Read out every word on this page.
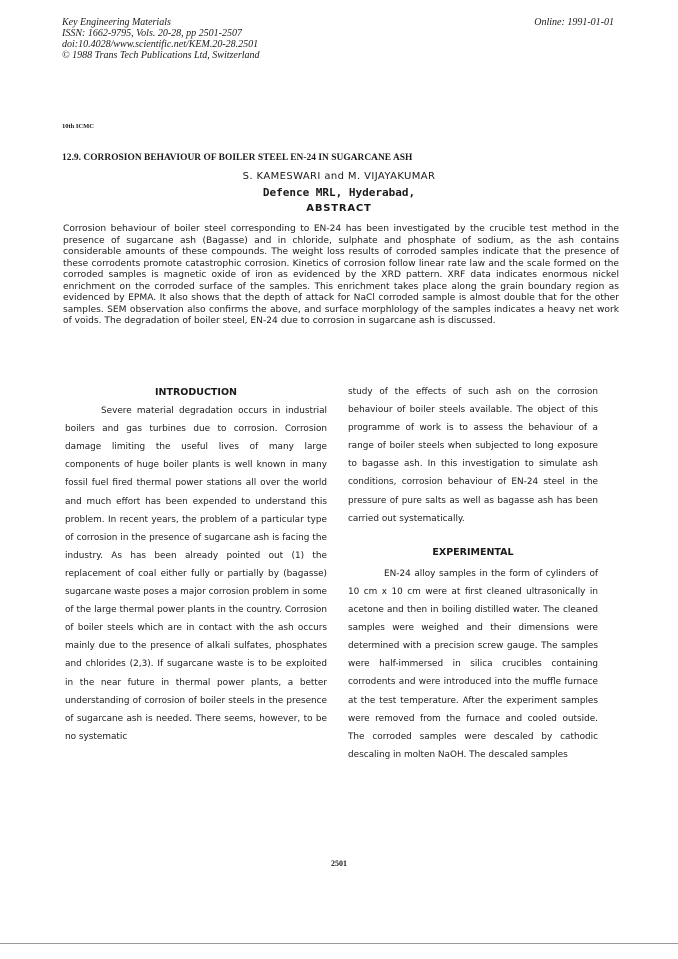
Key Engineering Materials
ISSN: 1662-9795, Vols. 20-28, pp 2501-2507
doi:10.4028/www.scientific.net/KEM.20-28.2501
© 1988 Trans Tech Publications Ltd, Switzerland
Online: 1991-01-01
10th ICMC
12.9. CORROSION BEHAVIOUR OF BOILER STEEL EN-24 IN SUGARCANE ASH
S. KAMESWARI and M. VIJAYAKUMAR
Defence MRL, Hyderabad,
ABSTRACT
Corrosion behaviour of boiler steel corresponding to EN-24 has been investigated by the crucible test method in the presence of sugarcane ash (Bagasse) and in chloride, sulphate and phosphate of sodium, as the ash contains considerable amounts of these compounds. The weight loss results of corroded samples indicate that the presence of these corrodents promote catastrophic corrosion. Kinetics of corrosion follow linear rate law and the scale formed on the corroded samples is magnetic oxide of iron as evidenced by the XRD pattern. XRF data indicates enormous nickel enrichment on the corroded surface of the samples. This enrichment takes place along the grain boundary region as evidenced by EPMA. It also shows that the depth of attack for NaCl corroded sample is almost double that for the other samples. SEM observation also confirms the above, and surface morphlology of the samples indicates a heavy net work of voids. The degradation of boiler steel, EN-24 due to corrosion in sugarcane ash is discussed.
INTRODUCTION

Severe material degradation occurs in industrial boilers and gas turbines due to corrosion. Corrosion damage limiting the useful lives of many large components of huge boiler plants is well known in many fossil fuel fired thermal power stations all over the world and much effort has been expended to understand this problem. In recent years, the problem of a particular type of corrosion in the presence of sugarcane ash is facing the industry. As has been already pointed out (1) the replacement of coal either fully or partially by (bagasse) sugarcane waste poses a major corrosion problem in some of the large thermal power plants in the country. Corrosion of boiler steels which are in contact with the ash occurs mainly due to the presence of alkali sulfates, phosphates and chlorides (2,3). If sugarcane waste is to be exploited in the near future in thermal power plants, a better understanding of corrosion of boiler steels in the presence of sugarcane ash is needed. There seems, however, to be no systematic

study of the effects of such ash on the corrosion behaviour of boiler steels available. The object of this programme of work is to assess the behaviour of a range of boiler steels when subjected to long exposure to bagasse ash. In this investigation to simulate ash conditions, corrosion behaviour of EN-24 steel in the pressure of pure salts as well as bagasse ash has been carried out systematically.

EXPERIMENTAL

EN-24 alloy samples in the form of cylinders of 10 cm x 10 cm were at first cleaned ultrasonically in acetone and then in boiling distilled water. The cleaned samples were weighed and their dimensions were determined with a precision screw gauge. The samples were half-immersed in silica crucibles containing corrodents and were introduced into the muffle furnace at the test temperature. After the experiment samples were removed from the furnace and cooled outside. The corroded samples were descaled by cathodic descaling in molten NaOH. The descaled samples

2501
